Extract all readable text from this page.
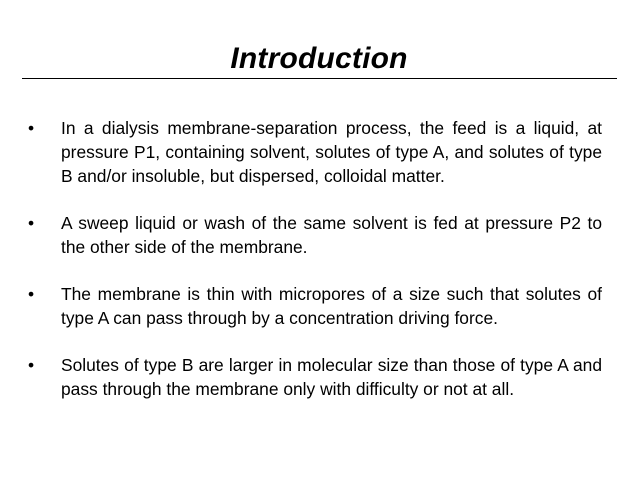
Introduction
•	In a dialysis membrane-separation process, the feed is a liquid, at pressure P1, containing solvent, solutes of type A, and solutes of type B and/or insoluble, but dispersed, colloidal matter.
•	A sweep liquid or wash of the same solvent is fed at pressure P2 to the other side of the membrane.
•	The membrane is thin with micropores of a size such that solutes of type A can pass through by a concentration driving force.
•	Solutes of type B are larger in molecular size than those of type A and pass through the membrane only with difficulty or not at all.
